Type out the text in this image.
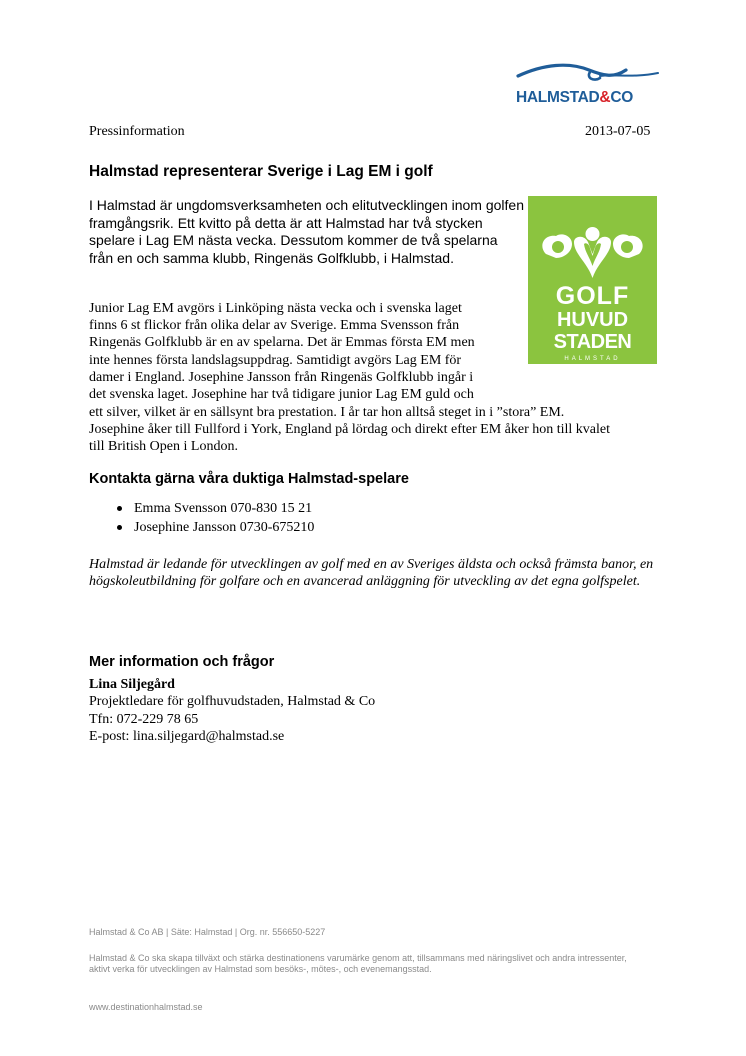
HALMSTAD&CO
Pressinformation	2013-07-05
Halmstad representerar Sverige i Lag EM i golf

I Halmstad är ungdomsverksamheten och elitutvecklingen inom golfen framgångsrik. Ett kvitto på detta är att Halmstad har två stycken spelare i Lag EM nästa vecka. Dessutom kommer de två spelarna från en och samma klubb, Ringenäs Golfklubb, i Halmstad.

GOLF
HUVUD
STADEN
HALMSTAD

Junior Lag EM avgörs i Linköping nästa vecka och i svenska laget
finns 6 st flickor från olika delar av Sverige. Emma Svensson från
Ringenäs Golfklubb är en av spelarna. Det är Emmas första EM men
inte hennes första landslagsuppdrag. Samtidigt avgörs Lag EM för
damer i England. Josephine Jansson från Ringenäs Golfklubb ingår i
det svenska laget. Josephine har två tidigare junior Lag EM guld och

ett silver, vilket är en sällsynt bra prestation. I år tar hon alltså steget in i ”stora” EM.
Josephine åker till Fullford i York, England på lördag och direkt efter EM åker hon till kvalet
till British Open i London.

Kontakta gärna våra duktiga Halmstad-spelare
Emma Svensson 070-830 15 21
Josephine Jansson 0730-675210

Halmstad är ledande för utvecklingen av golf med en av Sveriges äldsta och också främsta banor, en högskoleutbildning för golfare och en avancerad anläggning för utveckling av det egna golfspelet.

Mer information och frågor
Lina Siljegård
Projektledare för golfhuvudstaden, Halmstad & Co
Tfn: 072-229 78 65
E-post: lina.siljegard@halmstad.se
Halmstad & Co AB | Säte: Halmstad | Org. nr. 556650-5227
Halmstad & Co ska skapa tillväxt och stärka destinationens varumärke genom att, tillsammans med näringslivet och andra intressenter, aktivt verka för utvecklingen av Halmstad som besöks-, mötes-, och evenemangsstad.
www.destinationhalmstad.se
